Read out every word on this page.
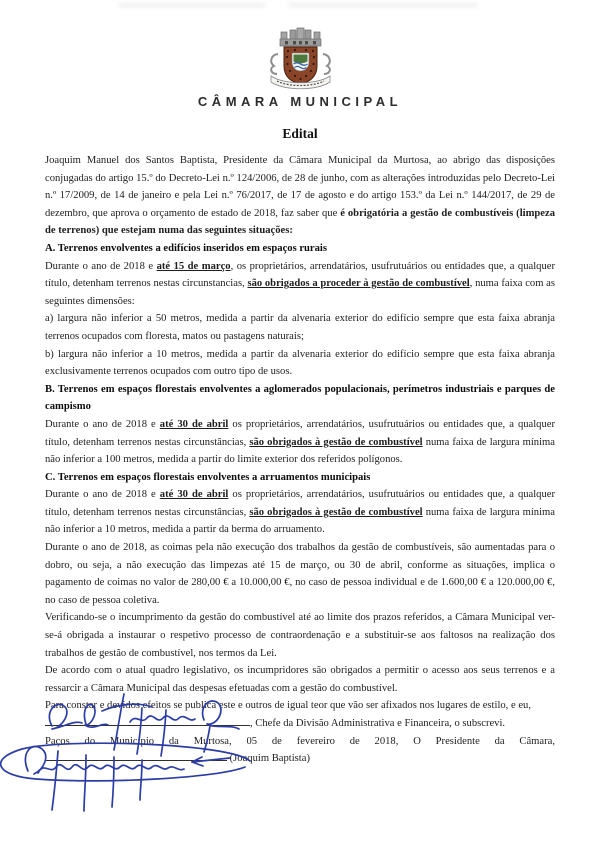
CÂMARA MUNICIPAL
Edital

Joaquim Manuel dos Santos Baptista, Presidente da Câmara Municipal da Murtosa, ao abrigo das disposições conjugadas do artigo 15.º do Decreto-Lei n.º 124/2006, de 28 de junho, com as alterações introduzidas pelo Decreto-Lei n.º 17/2009, de 14 de janeiro e pela Lei n.º 76/2017, de 17 de agosto e do artigo 153.º da Lei n.º 144/2017, de 29 de dezembro, que aprova o orçamento de estado de 2018, faz saber que é obrigatória a gestão de combustíveis (limpeza de terrenos) que estejam numa das seguintes situações:

A. Terrenos envolventes a edifícios inseridos em espaços rurais

Durante o ano de 2018 e até 15 de março, os proprietários, arrendatários, usufrutuários ou entidades que, a qualquer título, detenham terrenos nestas circunstancias, são obrigados a proceder à gestão de combustível, numa faixa com as seguintes dimensões:

a) largura não inferior a 50 metros, medida a partir da alvenaria exterior do edifício sempre que esta faixa abranja terrenos ocupados com floresta, matos ou pastagens naturais;

b) largura não inferior a 10 metros, medida a partir da alvenaria exterior do edifício sempre que esta faixa abranja exclusivamente terrenos ocupados com outro tipo de usos.

B. Terrenos em espaços florestais envolventes a aglomerados populacionais, perímetros industriais e parques de campismo

Durante o ano de 2018 e até 30 de abril os proprietários, arrendatários, usufrutuários ou entidades que, a qualquer título, detenham terrenos nestas circunstâncias, são obrigados à gestão de combustível numa faixa de largura mínima não inferior a 100 metros, medida a partir do limite exterior dos referidos polígonos.

C. Terrenos em espaços florestais envolventes a arruamentos municipais

Durante o ano de 2018 e até 30 de abril os proprietários, arrendatários, usufrutuários ou entidades que, a qualquer título, detenham terrenos nestas circunstâncias, são obrigados à gestão de combustível numa faixa de largura mínima não inferior a 10 metros, medida a partir da berma do arruamento.

Durante o ano de 2018, as coimas pela não execução dos trabalhos da gestão de combustíveis, são aumentadas para o dobro, ou seja, a não execução das limpezas até 15 de março, ou 30 de abril, conforme as situações, implica o pagamento de coimas no valor de 280,00 € a 10.000,00 €, no caso de pessoa individual e de 1.600,00 € a 120.000,00 €, no caso de pessoa coletiva.

Verificando-se o incumprimento da gestão do combustível até ao limite dos prazos referidos, a Câmara Municipal ver-se-á obrigada a instaurar o respetivo processo de contraordenação e a substituir-se aos faltosos na realização dos trabalhos de gestão de combustível, nos termos da Lei.

De acordo com o atual quadro legislativo, os incumpridores são obrigados a permitir o acesso aos seus terrenos e a ressarcir a Câmara Municipal das despesas efetuadas com a gestão do combustível.

Para constar e devidos efeitos se publica este e outros de igual teor que vão ser afixados nos lugares de estilo, e eu,

, Chefe da Divisão Administrativa e Financeira, o subscrevi.

Paços do Município da Murtosa, 05 de fevereiro de 2018, O Presidente da Câmara,

(Joaquim Baptista)
